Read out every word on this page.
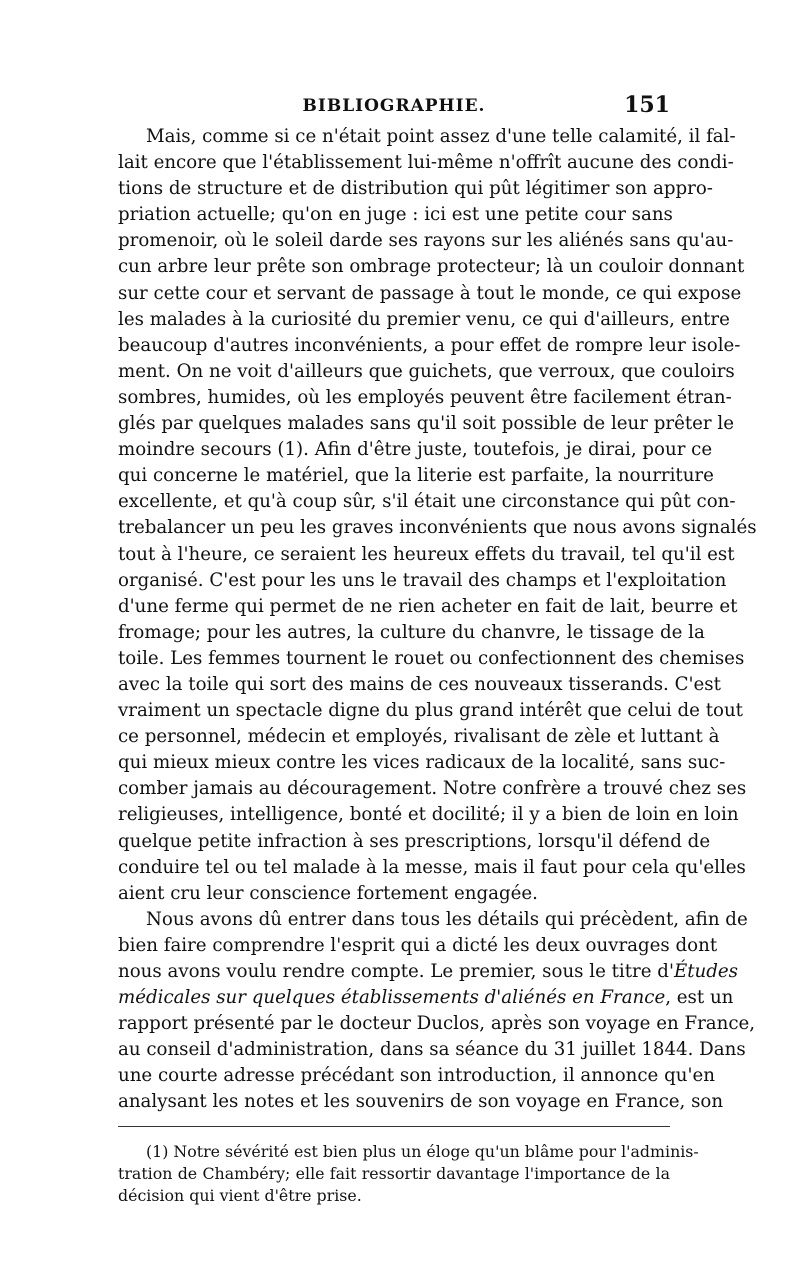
BIBLIOGRAPHIE.	151

Mais, comme si ce n'était point assez d'une telle calamité, il fal-
lait encore que l'établissement lui-même n'offrît aucune des condi-
tions de structure et de distribution qui pût légitimer son appro-
priation actuelle; qu'on en juge : ici est une petite cour sans
promenoir, où le soleil darde ses rayons sur les aliénés sans qu'au-
cun arbre leur prête son ombrage protecteur; là un couloir donnant
sur cette cour et servant de passage à tout le monde, ce qui expose
les malades à la curiosité du premier venu, ce qui d'ailleurs, entre
beaucoup d'autres inconvénients, a pour effet de rompre leur isole-
ment. On ne voit d'ailleurs que guichets, que verroux, que couloirs
sombres, humides, où les employés peuvent être facilement étran-
glés par quelques malades sans qu'il soit possible de leur prêter le
moindre secours (1). Afin d'être juste, toutefois, je dirai, pour ce
qui concerne le matériel, que la literie est parfaite, la nourriture
excellente, et qu'à coup sûr, s'il était une circonstance qui pût con-
trebalancer un peu les graves inconvénients que nous avons signalés
tout à l'heure, ce seraient les heureux effets du travail, tel qu'il est
organisé. C'est pour les uns le travail des champs et l'exploitation
d'une ferme qui permet de ne rien acheter en fait de lait, beurre et
fromage; pour les autres, la culture du chanvre, le tissage de la
toile. Les femmes tournent le rouet ou confectionnent des chemises
avec la toile qui sort des mains de ces nouveaux tisserands. C'est
vraiment un spectacle digne du plus grand intérêt que celui de tout
ce personnel, médecin et employés, rivalisant de zèle et luttant à
qui mieux mieux contre les vices radicaux de la localité, sans suc-
comber jamais au découragement. Notre confrère a trouvé chez ses
religieuses, intelligence, bonté et docilité; il y a bien de loin en loin
quelque petite infraction à ses prescriptions, lorsqu'il défend de
conduire tel ou tel malade à la messe, mais il faut pour cela qu'elles
aient cru leur conscience fortement engagée.

Nous avons dû entrer dans tous les détails qui précèdent, afin de
bien faire comprendre l'esprit qui a dicté les deux ouvrages dont
nous avons voulu rendre compte. Le premier, sous le titre d'Études
médicales sur quelques établissements d'aliénés en France, est un
rapport présenté par le docteur Duclos, après son voyage en France,
au conseil d'administration, dans sa séance du 31 juillet 1844. Dans
une courte adresse précédant son introduction, il annonce qu'en
analysant les notes et les souvenirs de son voyage en France, son

(1) Notre sévérité est bien plus un éloge qu'un blâme pour l'adminis-
tration de Chambéry; elle fait ressortir davantage l'importance de la
décision qui vient d'être prise.
